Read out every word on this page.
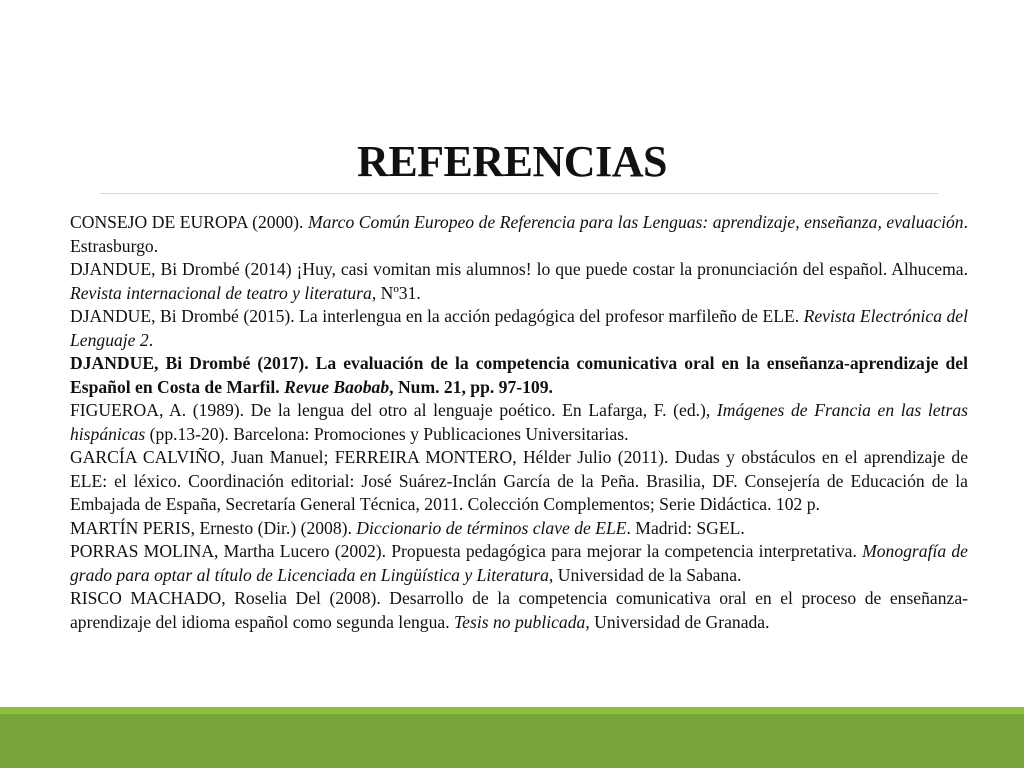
REFERENCIAS

CONSEJO DE EUROPA (2000). Marco Común Europeo de Referencia para las Lenguas: aprendizaje, enseñanza, evaluación. Estrasburgo.

DJANDUE, Bi Drombé (2014) ¡Huy, casi vomitan mis alumnos! lo que puede costar la pronunciación del español. Alhucema. Revista internacional de teatro y literatura, Nº31.

DJANDUE, Bi Drombé (2015). La interlengua en la acción pedagógica del profesor marfileño de ELE. Revista Electrónica del Lenguaje 2.

DJANDUE, Bi Drombé (2017). La evaluación de la competencia comunicativa oral en la enseñanza-aprendizaje del Español en Costa de Marfil. Revue Baobab, Num. 21, pp. 97-109.

FIGUEROA, A. (1989). De la lengua del otro al lenguaje poético. En Lafarga, F. (ed.), Imágenes de Francia en las letras hispánicas (pp.13-20). Barcelona: Promociones y Publicaciones Universitarias.

GARCÍA CALVIÑO, Juan Manuel; FERREIRA MONTERO, Hélder Julio (2011). Dudas y obstáculos en el aprendizaje de ELE: el léxico. Coordinación editorial: José Suárez-Inclán García de la Peña. Brasilia, DF. Consejería de Educación de la Embajada de España, Secretaría General Técnica, 2011. Colección Complementos; Serie Didáctica. 102 p.

MARTÍN PERIS, Ernesto (Dir.) (2008). Diccionario de términos clave de ELE. Madrid: SGEL.

PORRAS MOLINA, Martha Lucero (2002). Propuesta pedagógica para mejorar la competencia interpretativa. Monografía de grado para optar al título de Licenciada en Lingüística y Literatura, Universidad de la Sabana.

RISCO MACHADO, Roselia Del (2008). Desarrollo de la competencia comunicativa oral en el proceso de enseñanza-aprendizaje del idioma español como segunda lengua. Tesis no publicada, Universidad de Granada.
